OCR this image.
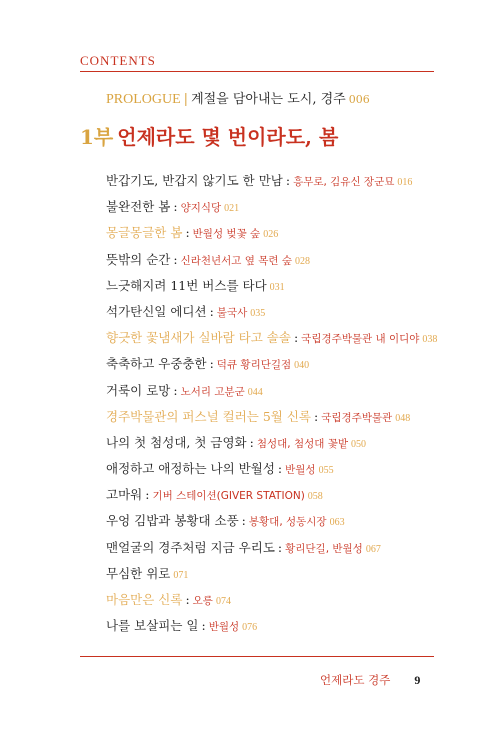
CONTENTS
PROLOGUE | 계절을 담아내는 도시, 경주 006
1부 언제라도 몇 번이라도, 봄
반갑기도, 반갑지 않기도 한 만남 : 흥무로, 김유신 장군묘 016
불완전한 봄 : 양지식당 021
몽글몽글한 봄 : 반월성 벚꽃 숲 026
뜻밖의 순간 : 신라천년서고 옆 목련 숲 028
느긋해지려 11번 버스를 타다 031
석가탄신일 에디션 : 불국사 035
향긋한 꽃냄새가 실바람 타고 솔솔 : 국립경주박물관 내 이디야 038
축축하고 우중충한 : 덕큐 황리단길점 040
거룩이 로망 : 노서리 고분군 044
경주박물관의 퍼스널 컬러는 5월 신록 : 국립경주박물관 048
나의 첫 첨성대, 첫 금영화 : 첨성대, 첨성대 꽃밭 050
애정하고 애정하는 나의 반월성 : 반월성 055
고마워 : 기버 스테이션(GIVER STATION) 058
우엉 김밥과 봉황대 소풍 : 봉황대, 성동시장 063
맨얼굴의 경주처럼 지금 우리도 : 황리단길, 반월성 067
무심한 위로 071
마음만은 신록 : 오릉 074
나를 보살피는 일 : 반월성 076
언제라도 경주 9
